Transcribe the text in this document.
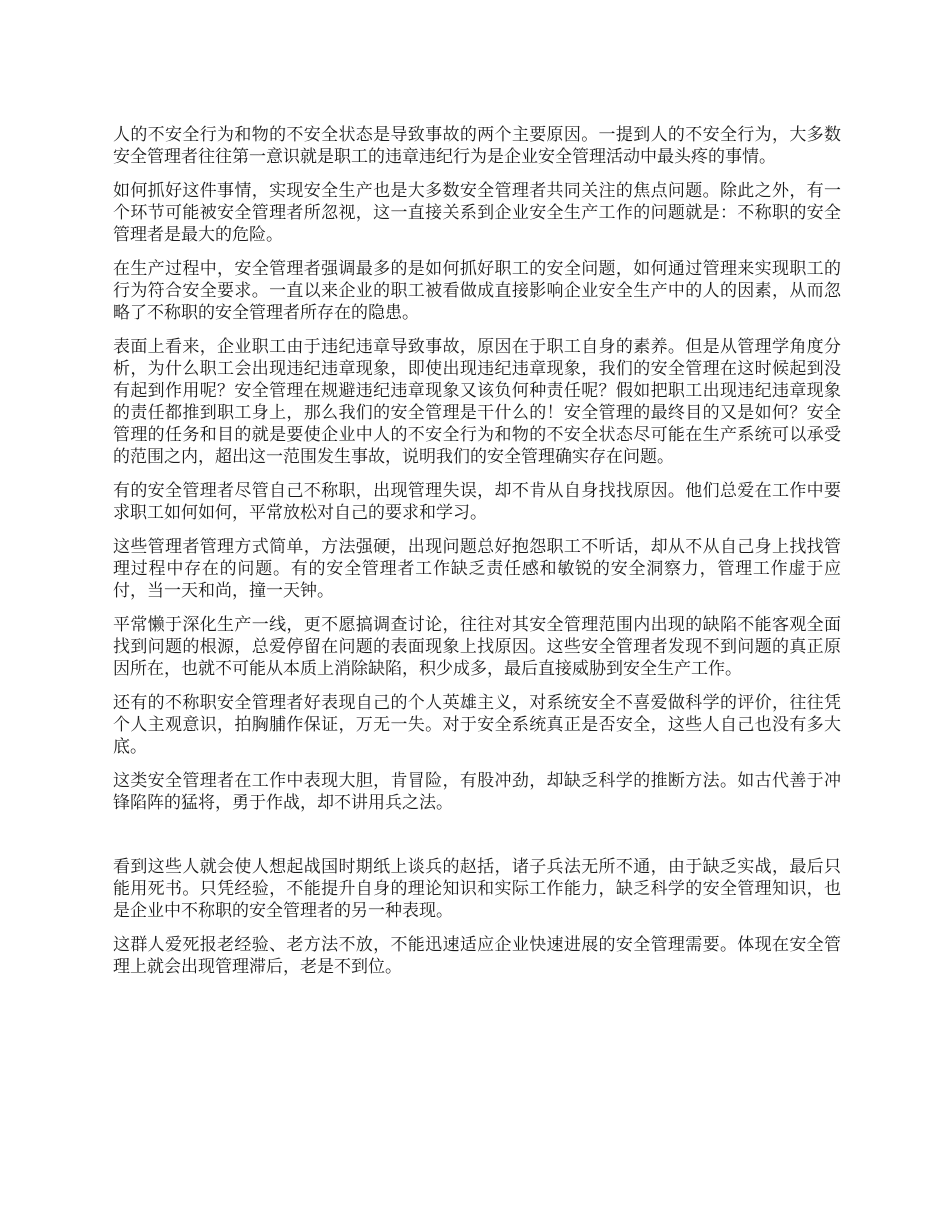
人的不安全行为和物的不安全状态是导致事故的两个主要原因。一提到人的不安全行为，大多数安全管理者往往第一意识就是职工的违章违纪行为是企业安全管理活动中最头疼的事情。

如何抓好这件事情，实现安全生产也是大多数安全管理者共同关注的焦点问题。除此之外，有一个环节可能被安全管理者所忽视，这一直接关系到企业安全生产工作的问题就是：不称职的安全管理者是最大的危险。

在生产过程中，安全管理者强调最多的是如何抓好职工的安全问题，如何通过管理来实现职工的行为符合安全要求。一直以来企业的职工被看做成直接影响企业安全生产中的人的因素，从而忽略了不称职的安全管理者所存在的隐患。

表面上看来，企业职工由于违纪违章导致事故，原因在于职工自身的素养。但是从管理学角度分析，为什么职工会出现违纪违章现象，即使出现违纪违章现象，我们的安全管理在这时候起到没有起到作用呢？安全管理在规避违纪违章现象又该负何种责任呢？假如把职工出现违纪违章现象的责任都推到职工身上，那么我们的安全管理是干什么的！安全管理的最终目的又是如何？安全管理的任务和目的就是要使企业中人的不安全行为和物的不安全状态尽可能在生产系统可以承受的范围之内，超出这一范围发生事故，说明我们的安全管理确实存在问题。

有的安全管理者尽管自己不称职，出现管理失误，却不肯从自身找找原因。他们总爱在工作中要求职工如何如何，平常放松对自己的要求和学习。

这些管理者管理方式简单，方法强硬，出现问题总好抱怨职工不听话，却从不从自己身上找找管理过程中存在的问题。有的安全管理者工作缺乏责任感和敏锐的安全洞察力，管理工作虚于应付，当一天和尚，撞一天钟。

平常懒于深化生产一线，更不愿搞调查讨论，往往对其安全管理范围内出现的缺陷不能客观全面找到问题的根源，总爱停留在问题的表面现象上找原因。这些安全管理者发现不到问题的真正原因所在，也就不可能从本质上消除缺陷，积少成多，最后直接威胁到安全生产工作。

还有的不称职安全管理者好表现自己的个人英雄主义，对系统安全不喜爱做科学的评价，往往凭个人主观意识，拍胸脯作保证，万无一失。对于安全系统真正是否安全，这些人自己也没有多大底。

这类安全管理者在工作中表现大胆，肯冒险，有股冲劲，却缺乏科学的推断方法。如古代善于冲锋陷阵的猛将，勇于作战，却不讲用兵之法。

看到这些人就会使人想起战国时期纸上谈兵的赵括，诸子兵法无所不通，由于缺乏实战，最后只能用死书。只凭经验，不能提升自身的理论知识和实际工作能力，缺乏科学的安全管理知识，也是企业中不称职的安全管理者的另一种表现。

这群人爱死报老经验、老方法不放，不能迅速适应企业快速进展的安全管理需要。体现在安全管理上就会出现管理滞后，老是不到位。
